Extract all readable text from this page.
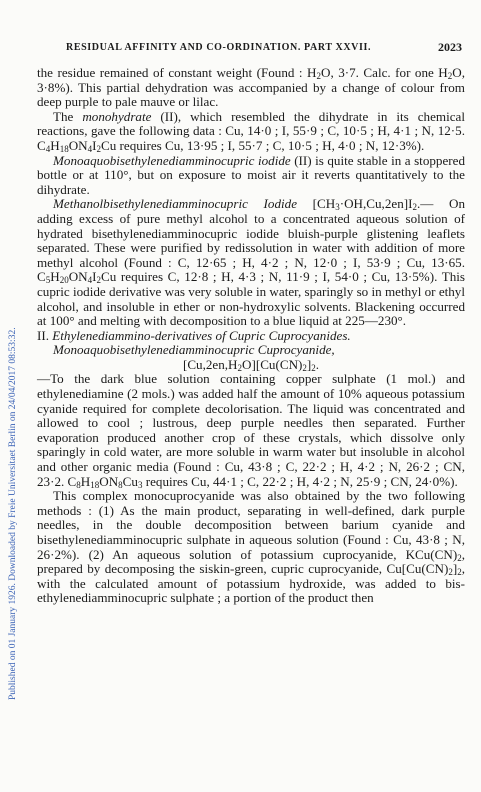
Published on 01 January 1926. Downloaded by Freie Universitaet Berlin on 24/04/2017 08:53:32.
RESIDUAL AFFINITY AND CO-ORDINATION. PART XXVII.	2023

the residue remained of constant weight (Found : $H_2O$, 3·7. Calc. for one $H_2O$, 3·8%). This partial dehydration was accompanied by a change of colour from deep purple to pale mauve or lilac.

The monohydrate (II), which resembled the dihydrate in its chemical reactions, gave the following data : Cu, 14·0 ; I, 55·9 ; C, 10·5 ; H, 4·1 ; N, 12·5. $C_4H_{18}ON_4I_2Cu$ requires Cu, 13·95 ; I, 55·7 ; C, 10·5 ; H, 4·0 ; N, 12·3%).

Monoaquobisethylenediamminocupric iodide (II) is quite stable in a stoppered bottle or at 110°, but on exposure to moist air it reverts quantitatively to the dihydrate.

Methanolbisethylenediamminocupric Iodide $[CH_3\cdot OH,Cu,2en]I_2.—$ On adding excess of pure methyl alcohol to a concentrated aqueous solution of hydrated bisethylenediamminocupric iodide bluish-purple glistening leaflets separated. These were purified by redissolution in water with addition of more methyl alcohol (Found : C, 12·65 ; H, 4·2 ; N, 12·0 ; I, 53·9 ; Cu, 13·65. $C_5H_{20}ON_4I_2Cu$ requires C, 12·8 ; H, 4·3 ; N, 11·9 ; I, 54·0 ; Cu, 13·5%). This cupric iodide derivative was very soluble in water, sparingly so in methyl or ethyl alcohol, and insoluble in ether or non-hydroxylic solvents. Blackening occurred at 100° and melting with decomposition to a blue liquid at 225—230°.

II. Ethylenediammino-derivatives of Cupric Cuprocyanides.

Monoaquobisethylenediamminocupric Cuprocyanide,

$[Cu,2en,H_2O][Cu(CN)_2]_2$.

—To the dark blue solution containing copper sulphate (1 mol.) and ethylenediamine (2 mols.) was added half the amount of 10% aqueous potassium cyanide required for complete decolorisation. The liquid was concentrated and allowed to cool ; lustrous, deep purple needles then separated. Further evaporation produced another crop of these crystals, which dissolve only sparingly in cold water, are more soluble in warm water but insoluble in alcohol and other organic media (Found : Cu, 43·8 ; C, 22·2 ; H, 4·2 ; N, 26·2 ; CN, 23·2. $C_8H_{18}ON_8Cu_3$ requires Cu, 44·1 ; C, 22·2 ; H, 4·2 ; N, 25·9 ; CN, 24·0%).

This complex monocuprocyanide was also obtained by the two following methods : (1) As the main product, separating in well-defined, dark purple needles, in the double decomposition between barium cyanide and bisethylenediamminocupric sulphate in aqueous solution (Found : Cu, 43·8 ; N, 26·2%). (2) An aqueous solution of potassium cuprocyanide, $KCu(CN)_2$, prepared by decomposing the siskin-green, cupric cuprocyanide, $Cu[Cu(CN)_2]_2$, with the calculated amount of potassium hydroxide, was added to bis-ethylenediamminocupric sulphate ; a portion of the product then
